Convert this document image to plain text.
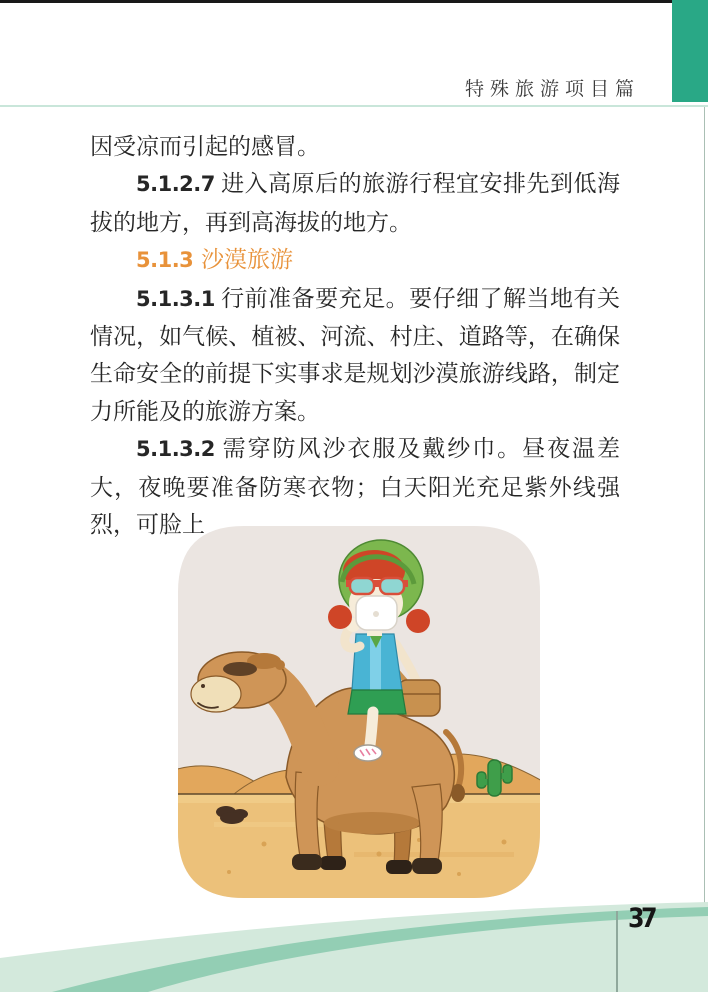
特殊旅游项目篇

因受凉而引起的感冒。

5.1.2.7 进入高原后的旅游行程宜安排先到低海拔的地方，再到高海拔的地方。

5.1.3 沙漠旅游

5.1.3.1 行前准备要充足。要仔细了解当地有关情况，如气候、植被、河流、村庄、道路等，在确保生命安全的前提下实事求是规划沙漠旅游线路，制定力所能及的旅游方案。

5.1.3.2 需穿防风沙衣服及戴纱巾。昼夜温差大，夜晚要准备防寒衣物；白天阳光充足紫外线强烈，可脸上

37
